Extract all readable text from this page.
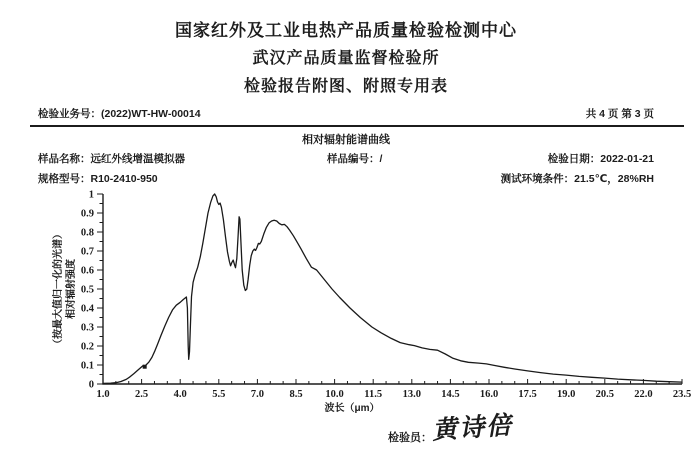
国家红外及工业电热产品质量检验检测中心
武汉产品质量监督检验所
检验报告附图、附照专用表
检验业务号：(2022)WT-HW-00014	共 4 页 第 3 页
相对辐射能谱曲线
样品名称：远红外线增温模拟器	样品编号：/	检验日期：2022-01-21
规格型号：R10-2410-950	测试环境条件：21.5℃，28%RH
0
0.1
0.2
0.3
0.4
0.5
0.6
0.7
0.8
0.9
1
1.0 2.5 4.0 5.5 7.0 8.5 10.0 11.5 13.0 14.5 16.0 17.5 19.0 20.5 22.0 23.5
波长（μm）
相对辐射强度
（按最大值归一化的光谱）
检验员： 黄诗倍
